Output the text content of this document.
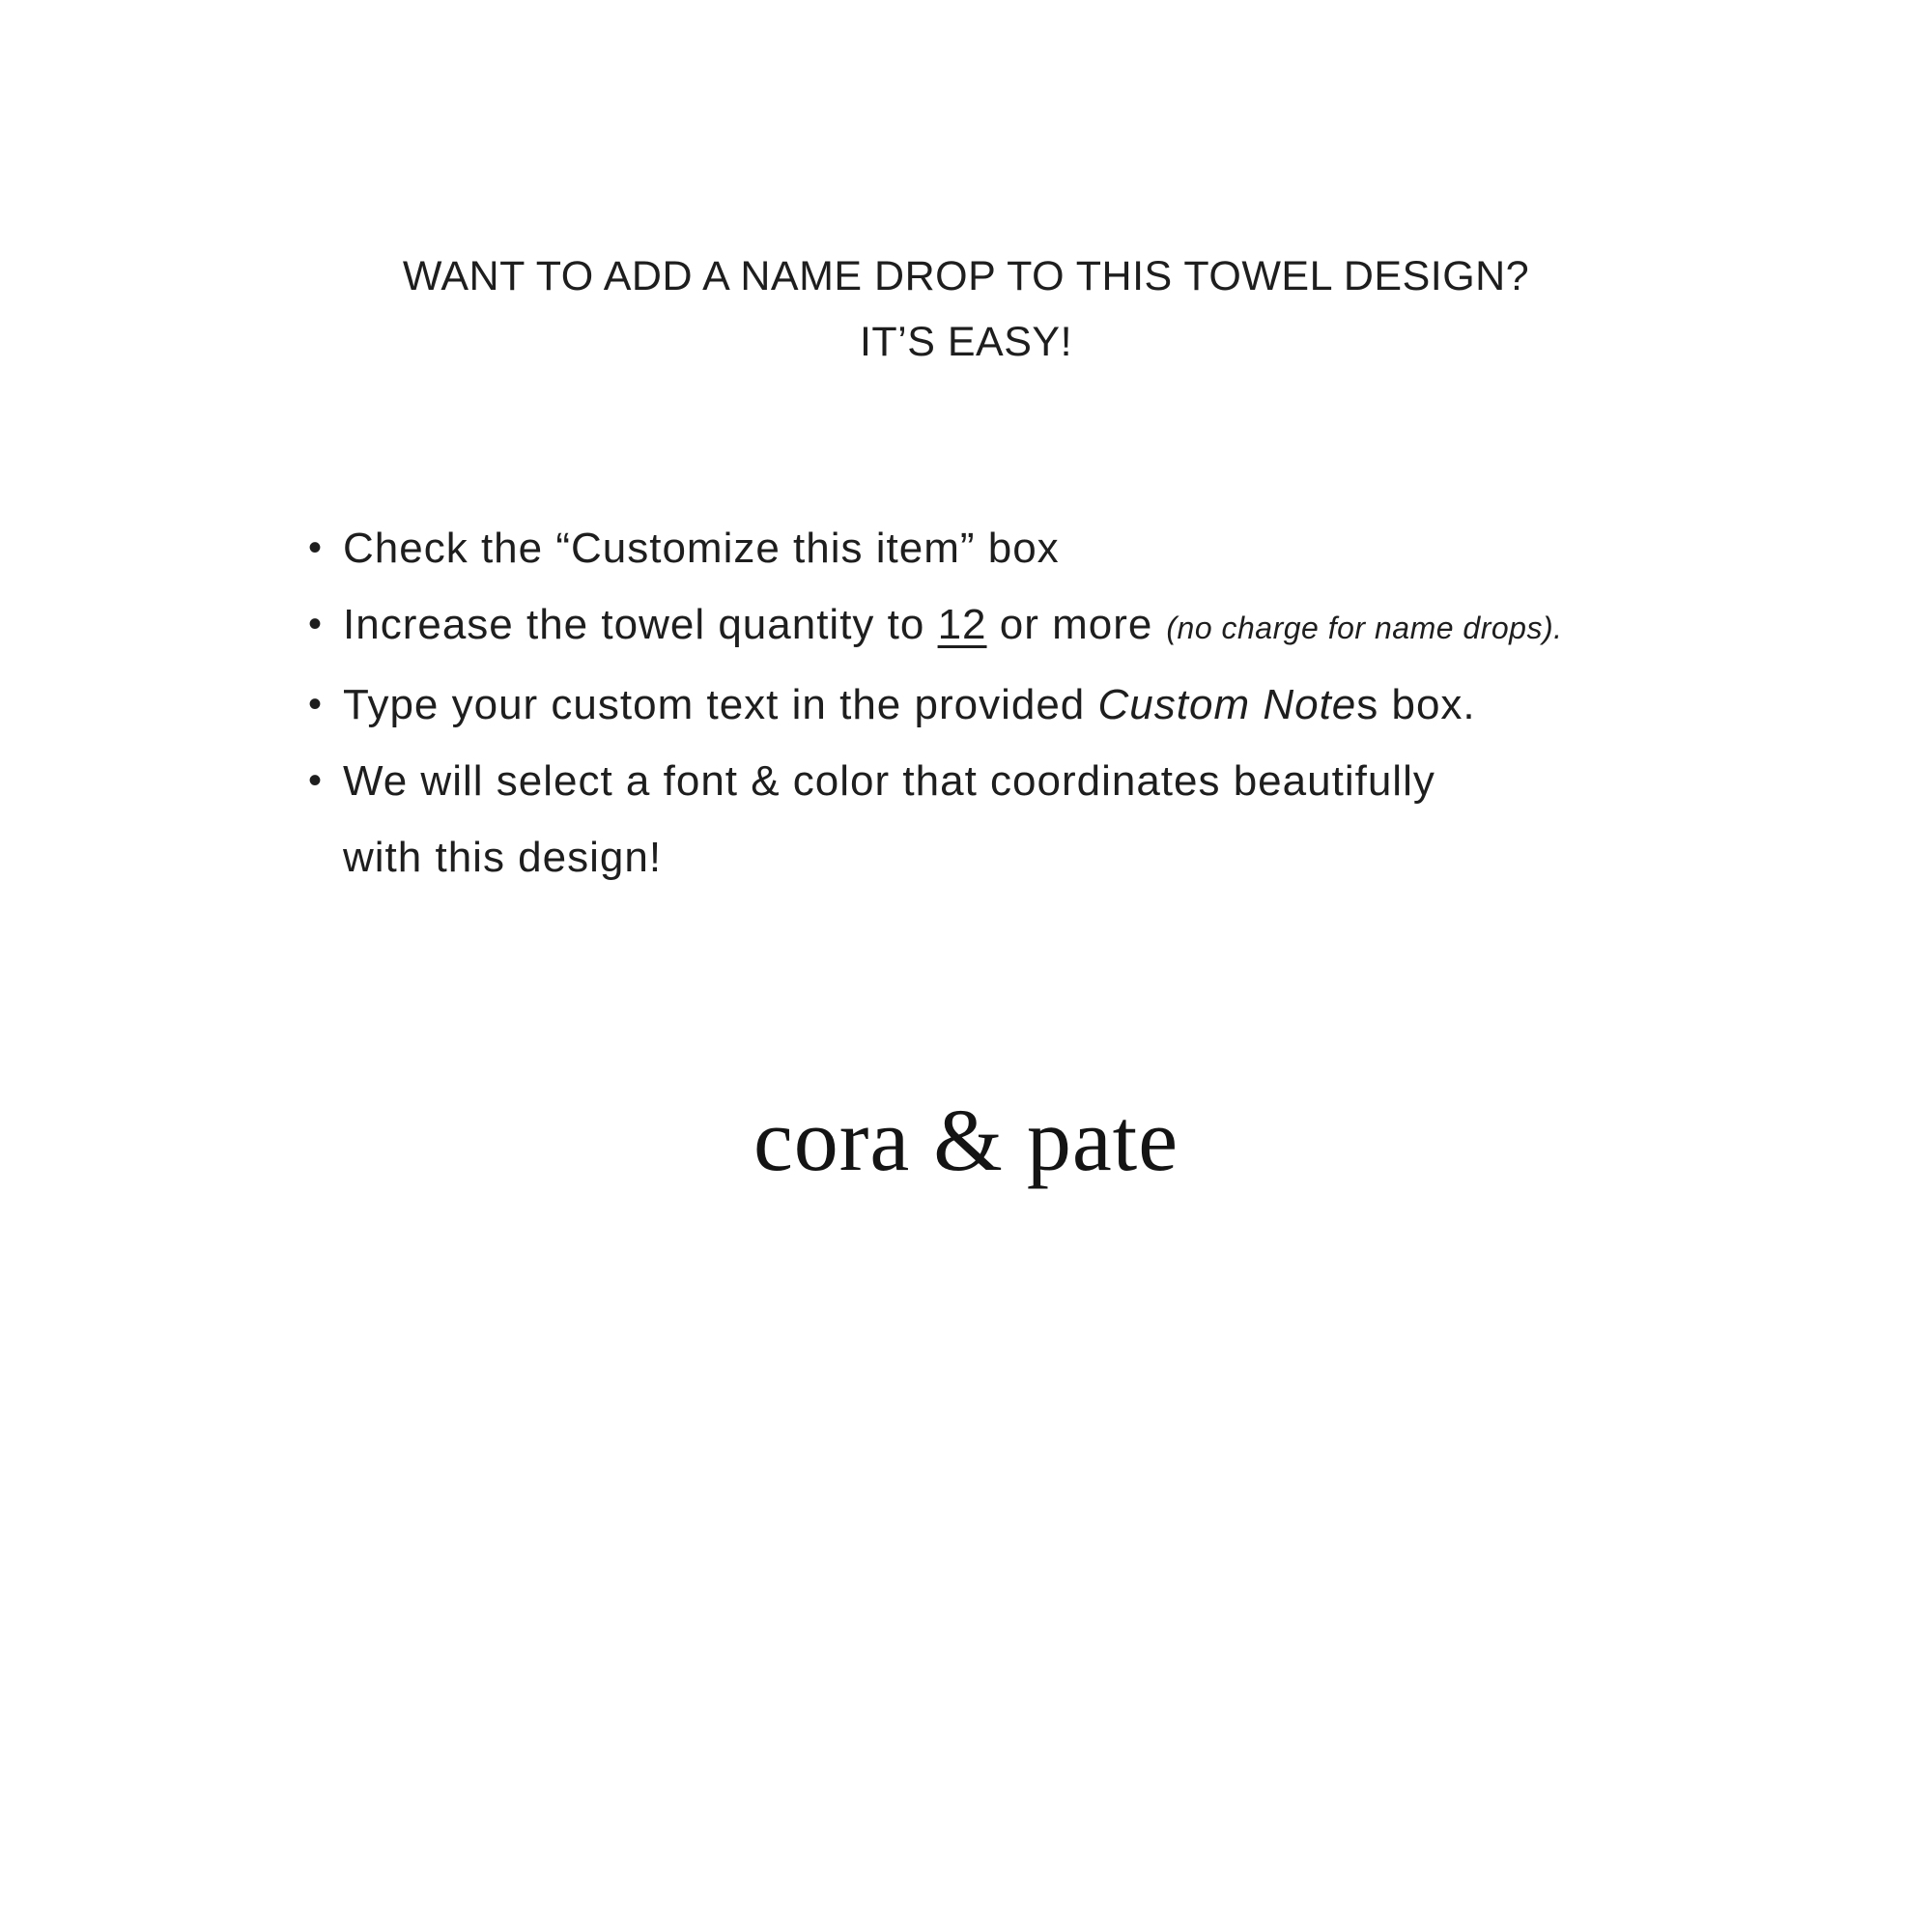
WANT TO ADD A NAME DROP TO THIS TOWEL DESIGN?
IT’S EASY!
• Check the “Customize this item” box
• Increase the towel quantity to 12 or more (no charge for name drops).
• Type your custom text in the provided Custom Notes box.
• We will select a font & color that coordinates beautifully
with this design!
cora & pate
